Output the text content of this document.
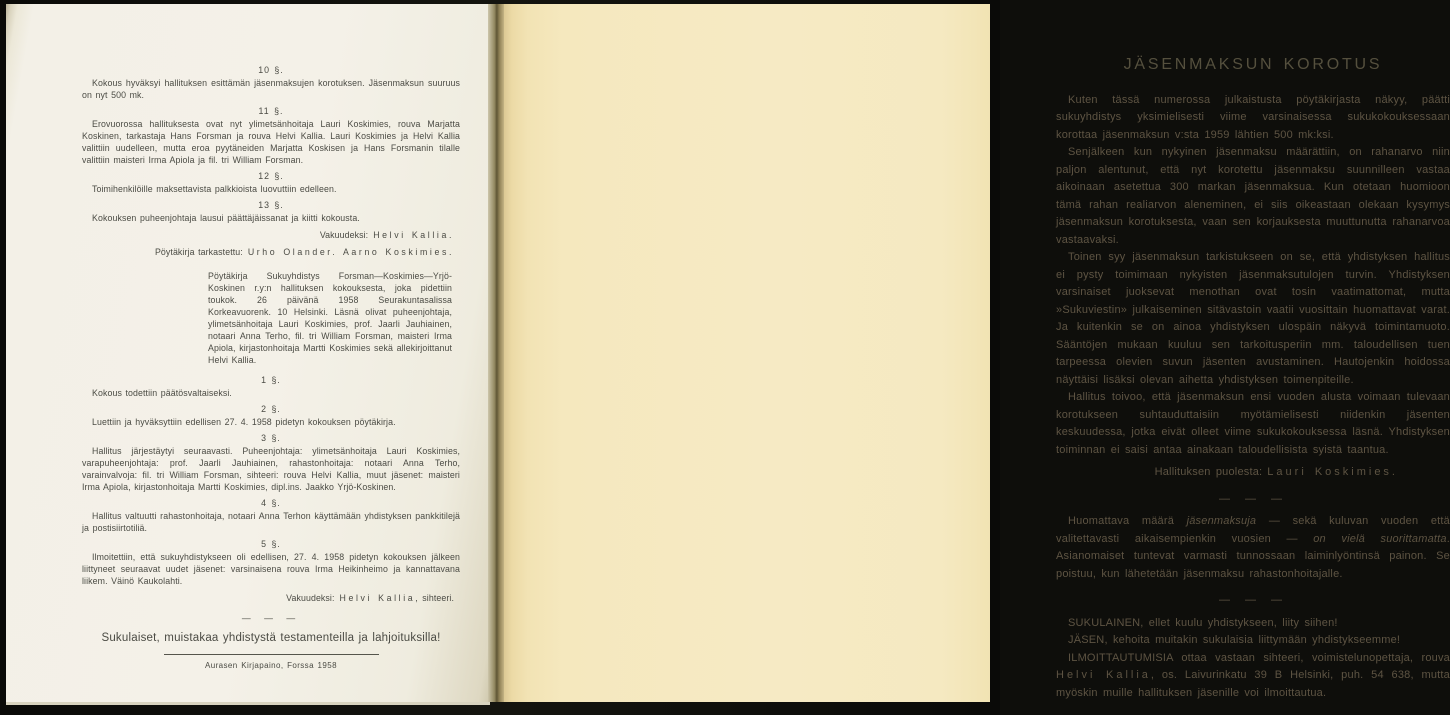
10 §.

Kokous hyväksyi hallituksen esittämän jäsenmaksujen korotuksen. Jäsenmaksun suuruus on nyt 500 mk.

11 §.

Erovuorossa hallituksesta ovat nyt ylimetsänhoitaja Lauri Koskimies, rouva Marjatta Koskinen, tarkastaja Hans Forsman ja rouva Helvi Kallia. Lauri Koskimies ja Helvi Kallia valittiin uudelleen, mutta eroa pyytäneiden Marjatta Koskisen ja Hans Forsmanin tilalle valittiin maisteri Irma Apiola ja fil. tri William Forsman.

12 §.

Toimihenkilöille maksettavista palkkioista luovuttiin edelleen.

13 §.

Kokouksen puheenjohtaja lausui päättäjäissanat ja kiitti kokousta.

Vakuudeksi: Helvi Kallia.
Pöytäkirja tarkastettu: Urho Olander. Aarno Koskimies.

Pöytäkirja Sukuyhdistys Forsman—Koskimies—Yrjö-Koskinen r.y:n hallituksen kokouksesta, joka pidettiin toukok. 26 päivänä 1958 Seurakuntasalissa Korkeavuorenk. 10 Helsinki. Läsnä olivat puheenjohtaja, ylimetsänhoitaja Lauri Koskimies, prof. Jaarli Jauhiainen, notaari Anna Terho, fil. tri William Forsman, maisteri Irma Apiola, kirjastonhoitaja Martti Koskimies sekä allekirjoittanut Helvi Kallia.

1 §.

Kokous todettiin päätösvaltaiseksi.

2 §.

Luettiin ja hyväksyttiin edellisen 27. 4. 1958 pidetyn kokouksen pöytäkirja.

3 §.

Hallitus järjestäytyi seuraavasti. Puheenjohtaja: ylimetsänhoitaja Lauri Koskimies, varapuheenjohtaja: prof. Jaarli Jauhiainen, rahastonhoitaja: notaari Anna Terho, varainvalvoja: fil. tri William Forsman, sihteeri: rouva Helvi Kallia, muut jäsenet: maisteri Irma Apiola, kirjastonhoitaja Martti Koskimies, dipl.ins. Jaakko Yrjö-Koskinen.

4 §.

Hallitus valtuutti rahastonhoitaja, notaari Anna Terhon käyttämään yhdistyksen pankkitilejä ja postisiirtotiliä.

5 §.

Ilmoitettiin, että sukuyhdistykseen oli edellisen, 27. 4. 1958 pidetyn kokouksen jälkeen liittyneet seuraavat uudet jäsenet: varsinaisena rouva Irma Heikinheimo ja kannattavana liikem. Väinö Kaukolahti.

Vakuudeksi: Helvi Kallia, sihteeri.
— — —
Sukulaiset, muistakaa yhdistystä testamenteilla ja lahjoituksilla!
Aurasen Kirjapaino, Forssa 1958
JÄSENMAKSUN KOROTUS

Kuten tässä numerossa julkaistusta pöytäkirjasta näkyy, päätti sukuyhdistys yksimielisesti viime varsinaisessa sukukokouksessaan korottaa jäsenmaksun v:sta 1959 lähtien 500 mk:ksi.

Senjälkeen kun nykyinen jäsenmaksu määrättiin, on rahanarvo niin paljon alentunut, että nyt korotettu jäsenmaksu suunnilleen vastaa aikoinaan asetettua 300 markan jäsenmaksua. Kun otetaan huomioon tämä rahan realiarvon aleneminen, ei siis oikeastaan olekaan kysymys jäsenmaksun korotuksesta, vaan sen korjauksesta muuttunutta rahanarvoa vastaavaksi.

Toinen syy jäsenmaksun tarkistukseen on se, että yhdistyksen hallitus ei pysty toimimaan nykyisten jäsenmaksutulojen turvin. Yhdistyksen varsinaiset juoksevat menothan ovat tosin vaatimattomat, mutta »Sukuviestin» julkaiseminen sitävastoin vaatii vuosittain huomattavat varat. Ja kuitenkin se on ainoa yhdistyksen ulospäin näkyvä toimintamuoto. Sääntöjen mukaan kuuluu sen tarkoitusperiin mm. taloudellisen tuen tarpeessa olevien suvun jäsenten avustaminen. Hautojenkin hoidossa näyttäisi lisäksi olevan aihetta yhdistyksen toimenpiteille.

Hallitus toivoo, että jäsenmaksun ensi vuoden alusta voimaan tulevaan korotukseen suhtauduttaisiin myötämielisesti niidenkin jäsenten keskuudessa, jotka eivät olleet viime sukukokouksessa läsnä. Yhdistyksen toiminnan ei saisi antaa ainakaan taloudellisista syistä taantua.

Hallituksen puolesta: Lauri Koskimies.
— — —

Huomattava määrä jäsenmaksuja — sekä kuluvan vuoden että valitettavasti aikaisempienkin vuosien — on vielä suorittamatta. Asianomaiset tuntevat varmasti tunnossaan laiminlyöntinsä painon. Se poistuu, kun lähetetään jäsenmaksu rahastonhoitajalle.

— — —

SUKULAINEN, ellet kuulu yhdistykseen, liity siihen!

JÄSEN, kehoita muitakin sukulaisia liittymään yhdistykseemme!

ILMOITTAUTUMISIA ottaa vastaan sihteeri, voimistelunopettaja, rouva Helvi Kallia, os. Laivurinkatu 39 B Helsinki, puh. 54 638, mutta myöskin muille hallituksen jäsenille voi ilmoittautua.
